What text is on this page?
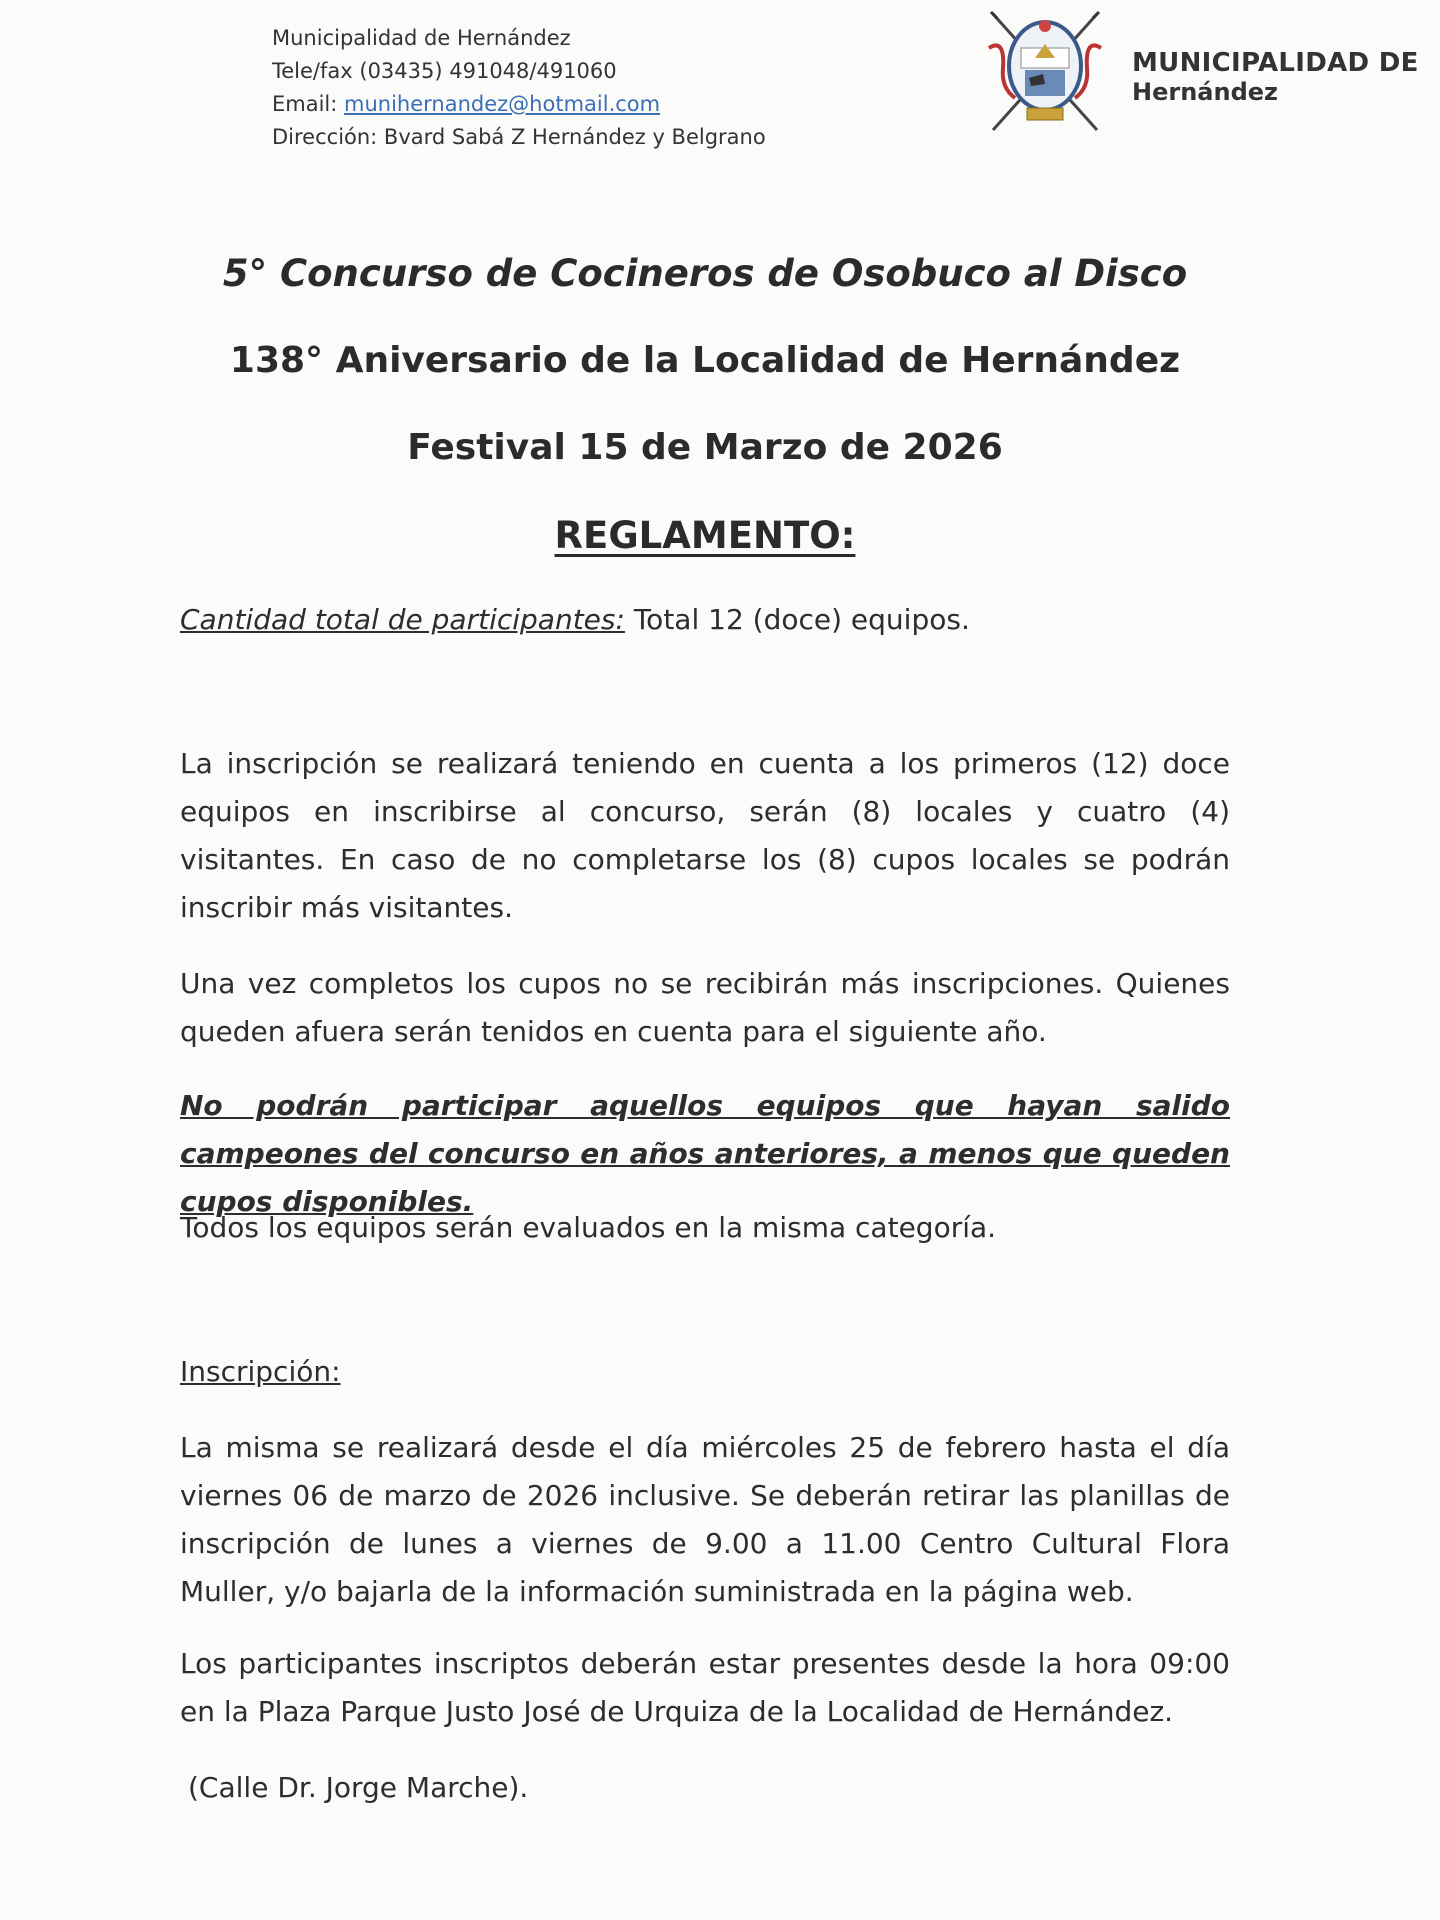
Municipalidad de Hernández
Tele/fax (03435) 491048/491060
Email: munihernandez@hotmail.com
Dirección: Bvard Sabá Z Hernández y Belgrano
MUNICIPALIDAD DE
Hernández
5° Concurso de Cocineros de Osobuco al Disco
138° Aniversario de la Localidad de Hernández
Festival 15 de Marzo de 2026
REGLAMENTO:
Cantidad total de participantes: Total 12 (doce) equipos.
La inscripción se realizará teniendo en cuenta a los primeros (12) doce equipos en inscribirse al concurso, serán (8) locales y cuatro (4) visitantes. En caso de no completarse los (8) cupos locales se podrán inscribir más visitantes.
Una vez completos los cupos no se recibirán más inscripciones. Quienes queden afuera serán tenidos en cuenta para el siguiente año.
No podrán participar aquellos equipos que hayan salido campeones del concurso en años anteriores, a menos que queden cupos disponibles.
Todos los equipos serán evaluados en la misma categoría.
Inscripción:
La misma se realizará desde el día miércoles 25 de febrero hasta el día viernes 06 de marzo de 2026 inclusive. Se deberán retirar las planillas de inscripción de lunes a viernes de 9.00 a 11.00 Centro Cultural Flora Muller, y/o bajarla de la información suministrada en la página web.
Los participantes inscriptos deberán estar presentes desde la hora 09:00 en la Plaza Parque Justo José de Urquiza de la Localidad de Hernández.
(Calle Dr. Jorge Marche).
